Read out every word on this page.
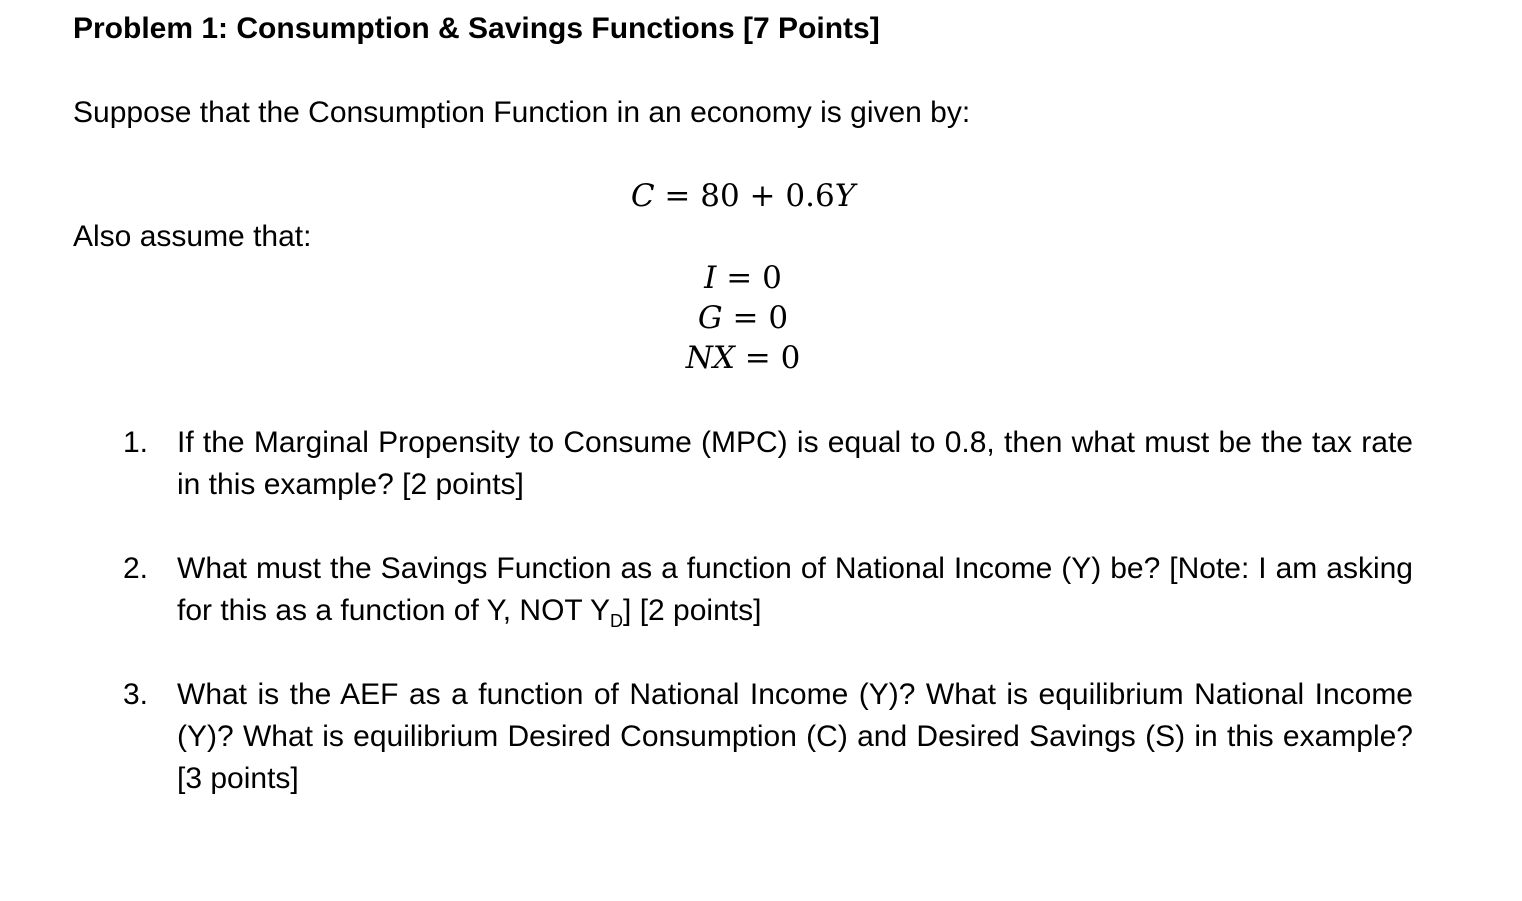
Problem 1: Consumption & Savings Functions [7 Points]
Suppose that the Consumption Function in an economy is given by:
C = 80 + 0.6Y
Also assume that:
I = 0
G = 0
NX = 0
1. If the Marginal Propensity to Consume (MPC) is equal to 0.8, then what must be the tax rate in this example? [2 points]
2. What must the Savings Function as a function of National Income (Y) be? [Note: I am asking for this as a function of Y, NOT $Y_D$] [2 points]
3. What is the AEF as a function of National Income (Y)? What is equilibrium National Income (Y)? What is equilibrium Desired Consumption (C) and Desired Savings (S) in this example? [3 points]
